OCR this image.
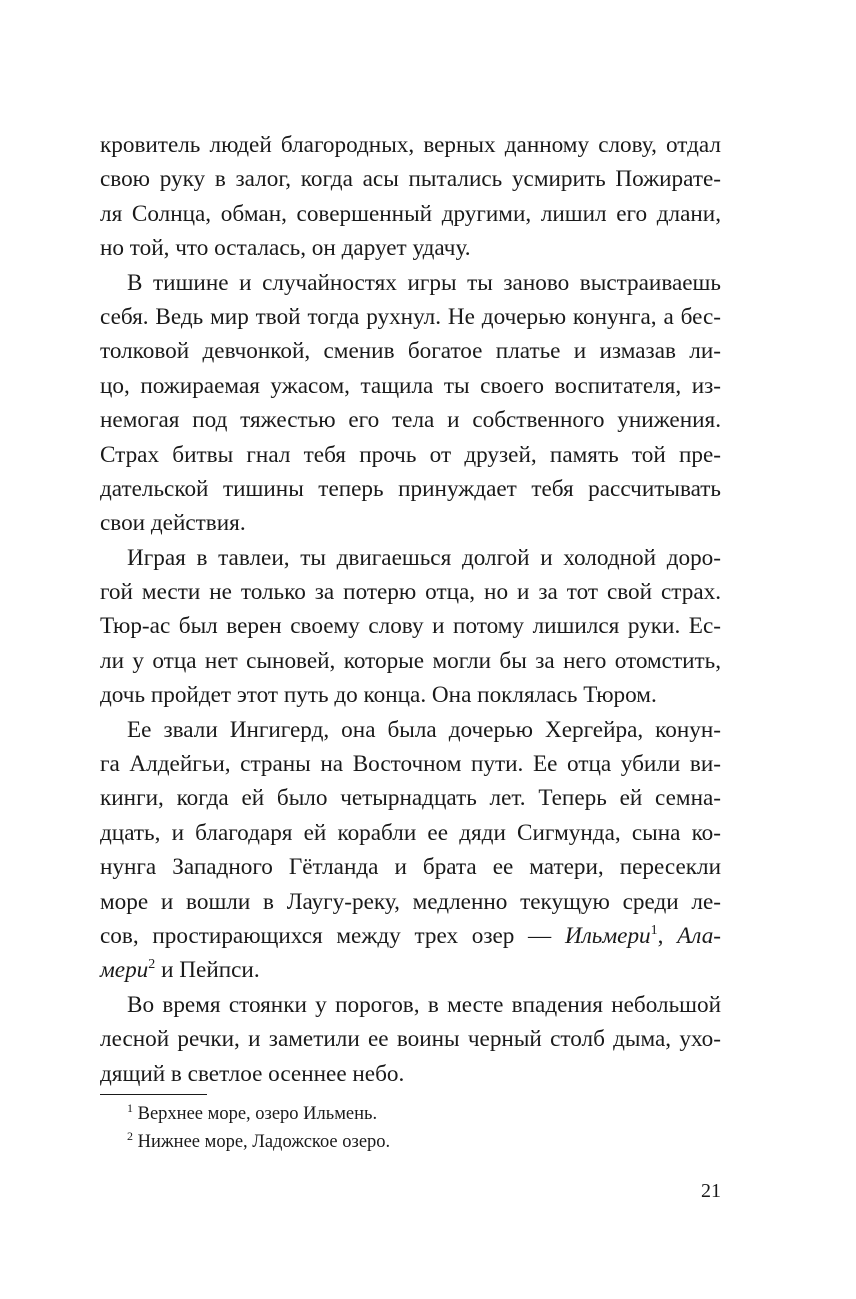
кровитель людей благородных, верных данному слову, отдал
свою руку в залог, когда асы пытались усмирить Пожирате-
ля Солнца, обман, совершенный другими, лишил его длани,
но той, что осталась, он дарует удачу.
В тишине и случайностях игры ты заново выстраиваешь
себя. Ведь мир твой тогда рухнул. Не дочерью конунга, а бес-
толковой девчонкой, сменив богатое платье и измазав ли-
цо, пожираемая ужасом, тащила ты своего воспитателя, из-
немогая под тяжестью его тела и собственного унижения.
Страх битвы гнал тебя прочь от друзей, память той пре-
дательской тишины теперь принуждает тебя рассчитывать
свои действия.
Играя в тавлеи, ты двигаешься долгой и холодной доро-
гой мести не только за потерю отца, но и за тот свой страх.
Тюр-ас был верен своему слову и потому лишился руки. Ес-
ли у отца нет сыновей, которые могли бы за него отомстить,
дочь пройдет этот путь до конца. Она поклялась Тюром.
Ее звали Ингигерд, она была дочерью Хергейра, конун-
га Алдейгьи, страны на Восточном пути. Ее отца убили ви-
кинги, когда ей было четырнадцать лет. Теперь ей семна-
дцать, и благодаря ей корабли ее дяди Сигмунда, сына ко-
нунга Западного Гётланда и брата ее матери, пересекли
море и вошли в Лаугу-реку, медленно текущую среди ле-
сов, простирающихся между трех озер — Ильмери$^1$, Ала-
мери$^2$ и Пейпси.
Во время стоянки у порогов, в месте впадения небольшой
лесной речки, и заметили ее воины черный столб дыма, ухо-
дящий в светлое осеннее небо.
$^1$ Верхнее море, озеро Ильмень.
$^2$ Нижнее море, Ладожское озеро.
21
